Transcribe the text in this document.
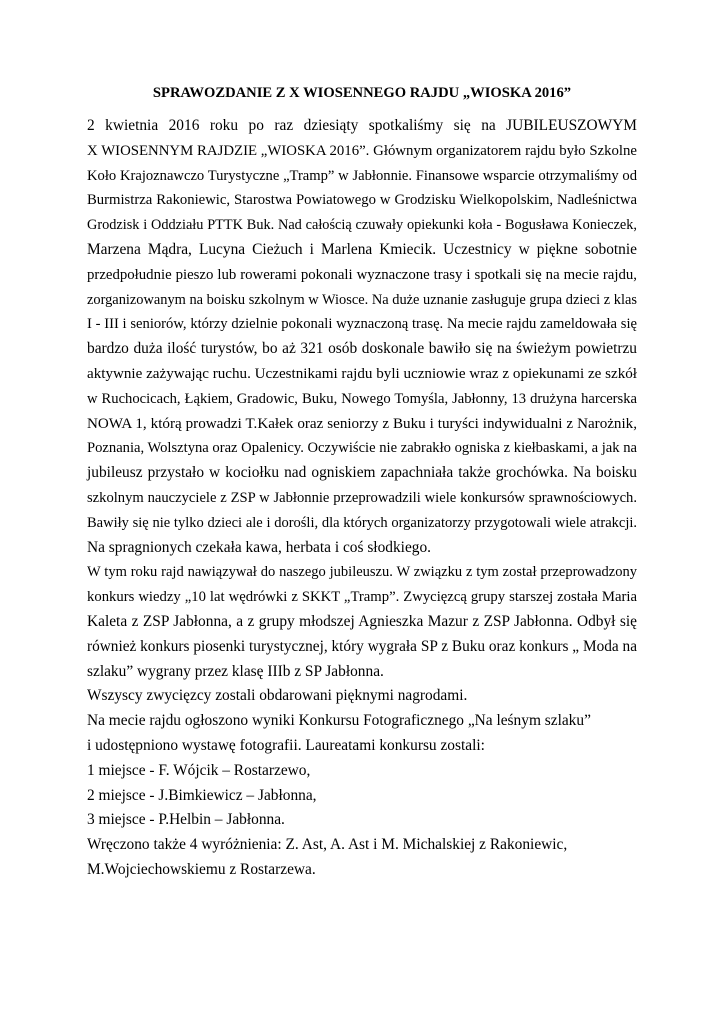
SPRAWOZDANIE Z X WIOSENNEGO RAJDU „WIOSKA 2016”
2 kwietnia 2016 roku po raz dziesiąty spotkaliśmy się na JUBILEUSZOWYM
X WIOSENNYM RAJDZIE „WIOSKA 2016”. Głównym organizatorem rajdu było Szkolne
Koło Krajoznawczo Turystyczne „Tramp” w Jabłonnie. Finansowe wsparcie otrzymaliśmy od
Burmistrza Rakoniewic, Starostwa Powiatowego w Grodzisku Wielkopolskim, Nadleśnictwa
Grodzisk i Oddziału PTTK Buk. Nad całością czuwały opiekunki koła - Bogusława Konieczek,
Marzena Mądra, Lucyna Cieżuch i Marlena Kmiecik. Uczestnicy w piękne sobotnie
przedpołudnie pieszo lub rowerami pokonali wyznaczone trasy i spotkali się na mecie rajdu,
zorganizowanym na boisku szkolnym w Wiosce. Na duże uznanie zasługuje grupa dzieci z klas
I - III i seniorów, którzy dzielnie pokonali wyznaczoną trasę. Na mecie rajdu zameldowała się
bardzo duża ilość turystów, bo aż 321 osób doskonale bawiło się na świeżym powietrzu
aktywnie zażywając ruchu. Uczestnikami rajdu byli uczniowie wraz z opiekunami ze szkół
w Ruchocicach, Łąkiem, Gradowic, Buku, Nowego Tomyśla, Jabłonny, 13 drużyna harcerska
NOWA 1, którą prowadzi T.Kałek oraz seniorzy z Buku i turyści indywidualni z Narożnik,
Poznania, Wolsztyna oraz Opalenicy. Oczywiście nie zabrakło ogniska z kiełbaskami, a jak na
jubileusz przystało w kociołku nad ogniskiem zapachniała także grochówka. Na boisku
szkolnym nauczyciele z ZSP w Jabłonnie przeprowadzili wiele konkursów sprawnościowych.
Bawiły się nie tylko dzieci ale i dorośli, dla których organizatorzy przygotowali wiele atrakcji.
Na spragnionych czekała kawa, herbata i coś słodkiego.
W tym roku rajd nawiązywał do naszego jubileuszu. W związku z tym został przeprowadzony
konkurs wiedzy „10 lat wędrówki z SKKT „Tramp”. Zwycięzcą grupy starszej została Maria
Kaleta z ZSP Jabłonna, a z grupy młodszej Agnieszka Mazur z ZSP Jabłonna. Odbył się
również konkurs piosenki turystycznej, który wygrała SP z Buku oraz konkurs „ Moda na
szlaku” wygrany przez klasę IIIb z SP Jabłonna.
Wszyscy zwycięzcy zostali obdarowani pięknymi nagrodami.
Na mecie rajdu ogłoszono wyniki Konkursu Fotograficznego „Na leśnym szlaku”
i udostępniono wystawę fotografii. Laureatami konkursu zostali:
1 miejsce - F. Wójcik – Rostarzewo,
2 miejsce - J.Bimkiewicz – Jabłonna,
3 miejsce - P.Helbin – Jabłonna.
Wręczono także 4 wyróżnienia: Z. Ast, A. Ast i M. Michalskiej z Rakoniewic,
M.Wojciechowskiemu z Rostarzewa.
